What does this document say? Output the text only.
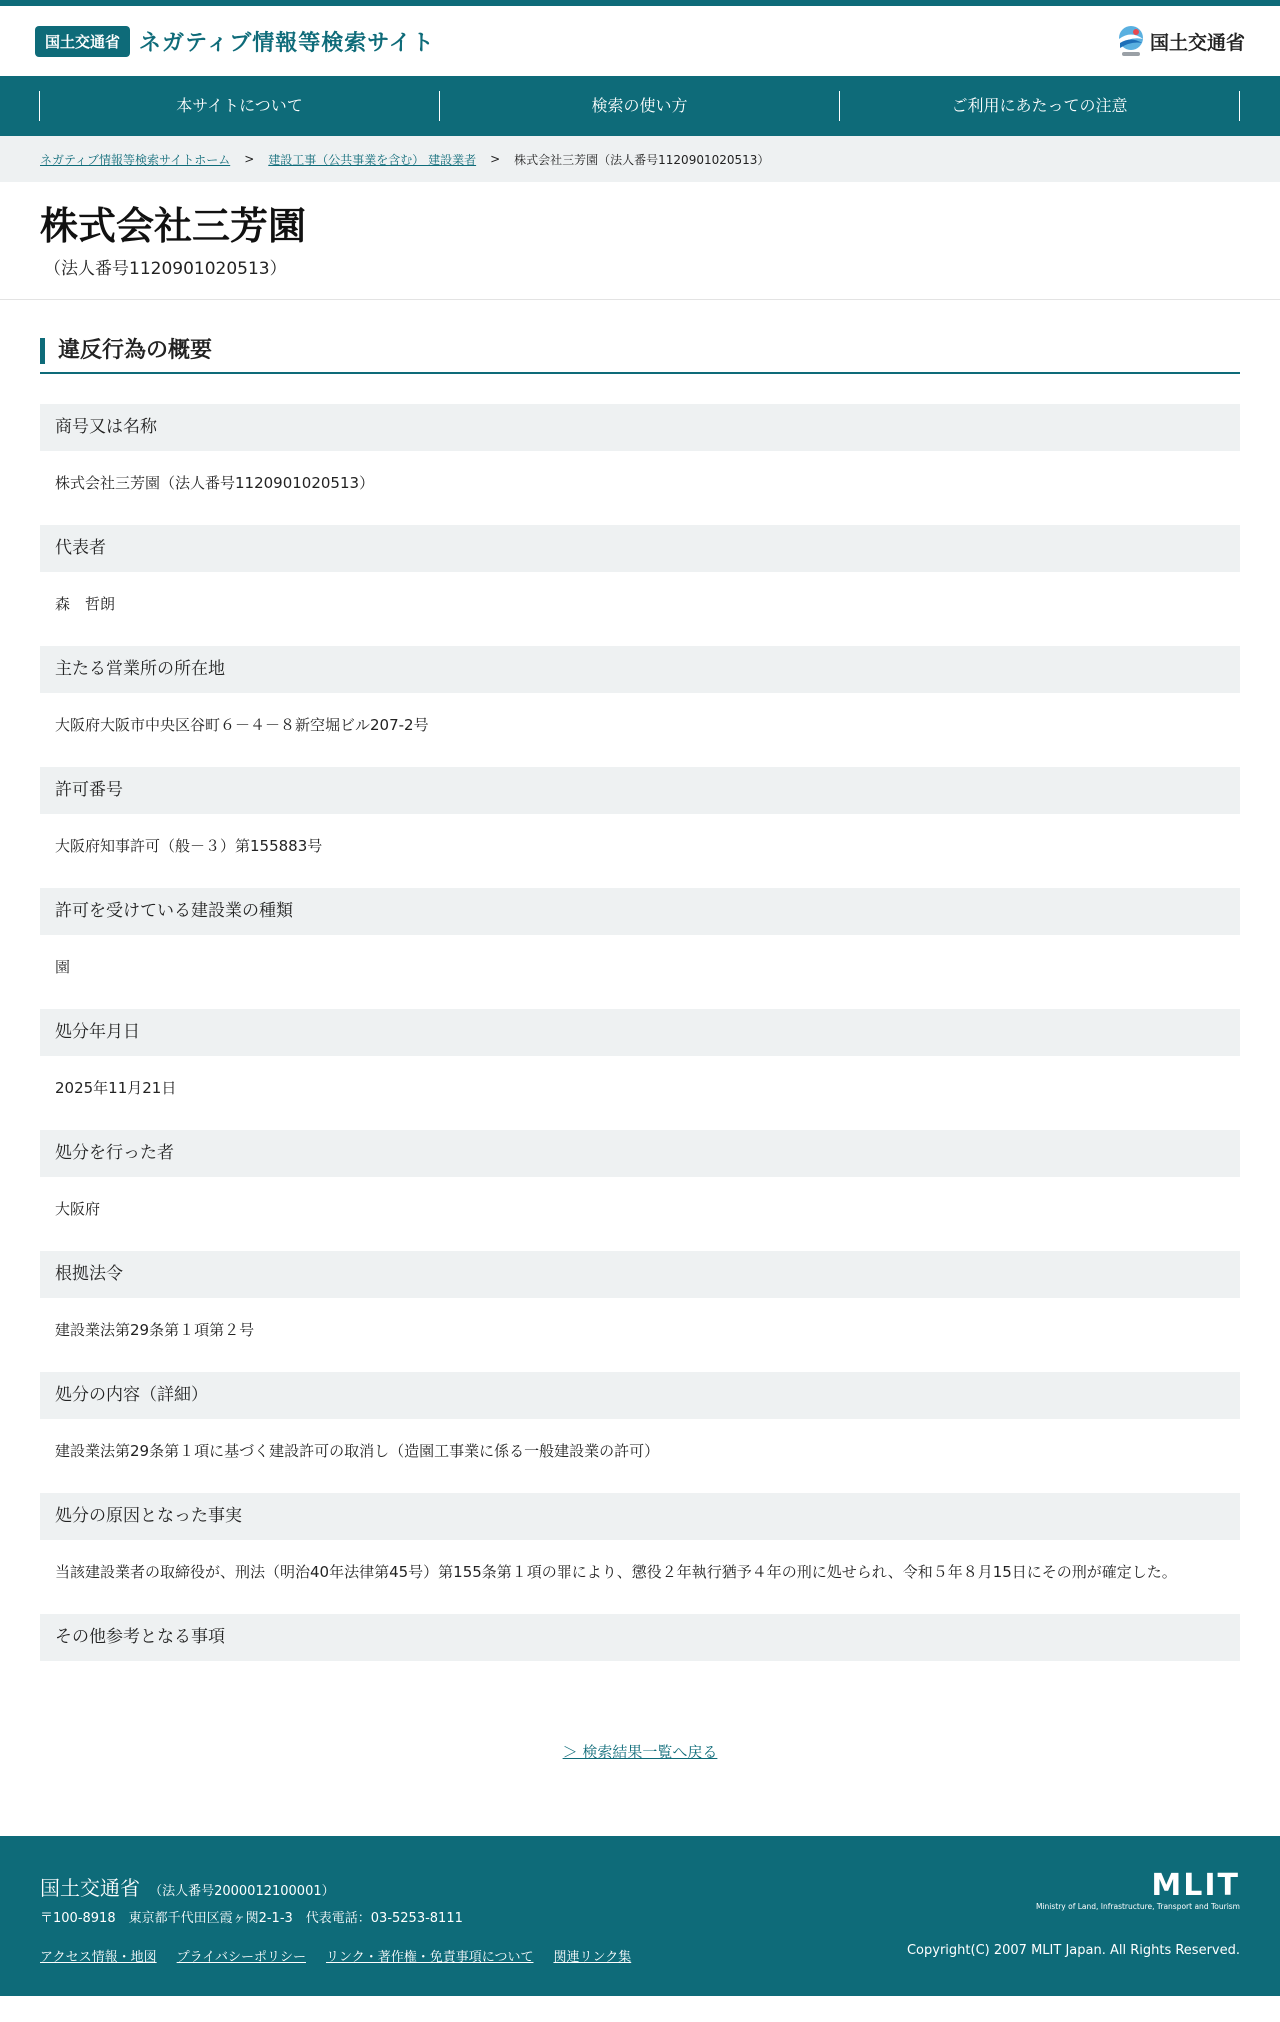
国土交通省 ネガティブ情報等検索サイト	国土交通省
本サイトについて	検索の使い方	ご利用にあたっての注意
ネガティブ情報等検索サイトホーム > 建設工事（公共事業を含む） 建設業者 > 株式会社三芳園（法人番号1120901020513）
株式会社三芳園
（法人番号1120901020513）
違反行為の概要
商号又は名称
株式会社三芳園（法人番号1120901020513）
代表者
森　哲朗
主たる営業所の所在地
大阪府大阪市中央区谷町６－４－８新空堀ビル207-2号
許可番号
大阪府知事許可（般－３）第155883号
許可を受けている建設業の種類
園
処分年月日
2025年11月21日
処分を行った者
大阪府
根拠法令
建設業法第29条第１項第２号
処分の内容（詳細）
建設業法第29条第１項に基づく建設許可の取消し（造園工事業に係る一般建設業の許可）
処分の原因となった事実
当該建設業者の取締役が、刑法（明治40年法律第45号）第155条第１項の罪により、懲役２年執行猶予４年の刑に処せられ、令和５年８月15日にその刑が確定した。
その他参考となる事項
＞ 検索結果一覧へ戻る
国土交通省 （法人番号2000012100001）
〒100-8918　東京都千代田区霞ヶ関2-1-3　代表電話：03-5253-8111
アクセス情報・地図 プライバシーポリシー リンク・著作権・免責事項について 関連リンク集
MLIT
Ministry of Land, Infrastructure, Transport and Tourism
Copyright(C) 2007 MLIT Japan. All Rights Reserved.
